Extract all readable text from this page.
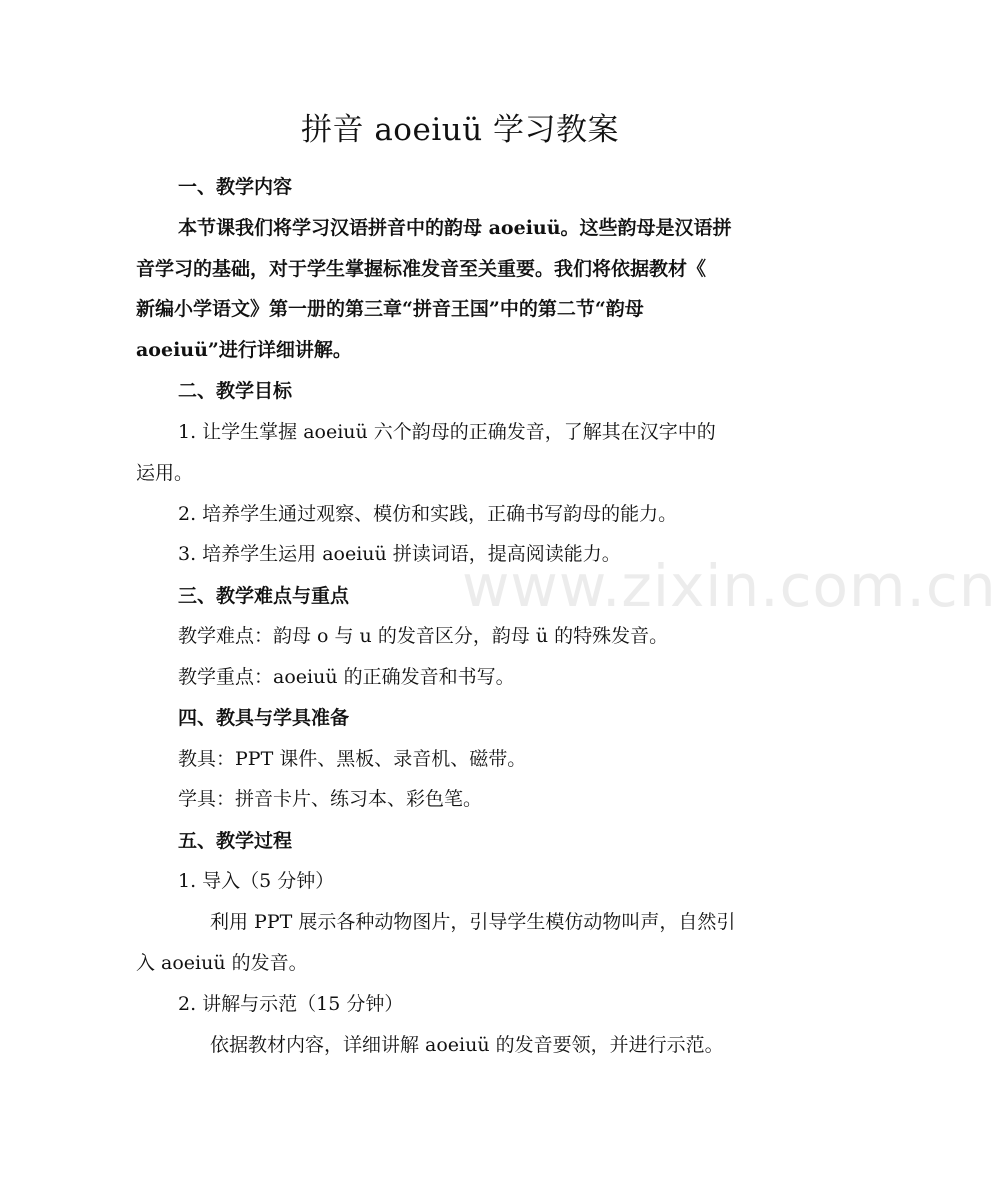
www.zixin.com.cn
拼音 aoeiuü 学习教案
一、教学内容
本节课我们将学习汉语拼音中的韵母 aoeiuü。这些韵母是汉语拼
音学习的基础，对于学生掌握标准发音至关重要。我们将依据教材《
新编小学语文》第一册的第三章“拼音王国”中的第二节“韵母
aoeiuü”进行详细讲解。
二、教学目标
1. 让学生掌握 aoeiuü 六个韵母的正确发音，了解其在汉字中的
运用。
2. 培养学生通过观察、模仿和实践，正确书写韵母的能力。
3. 培养学生运用 aoeiuü 拼读词语，提高阅读能力。
三、教学难点与重点
教学难点：韵母 o 与 u 的发音区分，韵母 ü 的特殊发音。
教学重点：aoeiuü 的正确发音和书写。
四、教具与学具准备
教具：PPT 课件、黑板、录音机、磁带。
学具：拼音卡片、练习本、彩色笔。
五、教学过程
1. 导入（5 分钟）
利用 PPT 展示各种动物图片，引导学生模仿动物叫声，自然引
入 aoeiuü 的发音。
2. 讲解与示范（15 分钟）
依据教材内容，详细讲解 aoeiuü 的发音要领，并进行示范。
